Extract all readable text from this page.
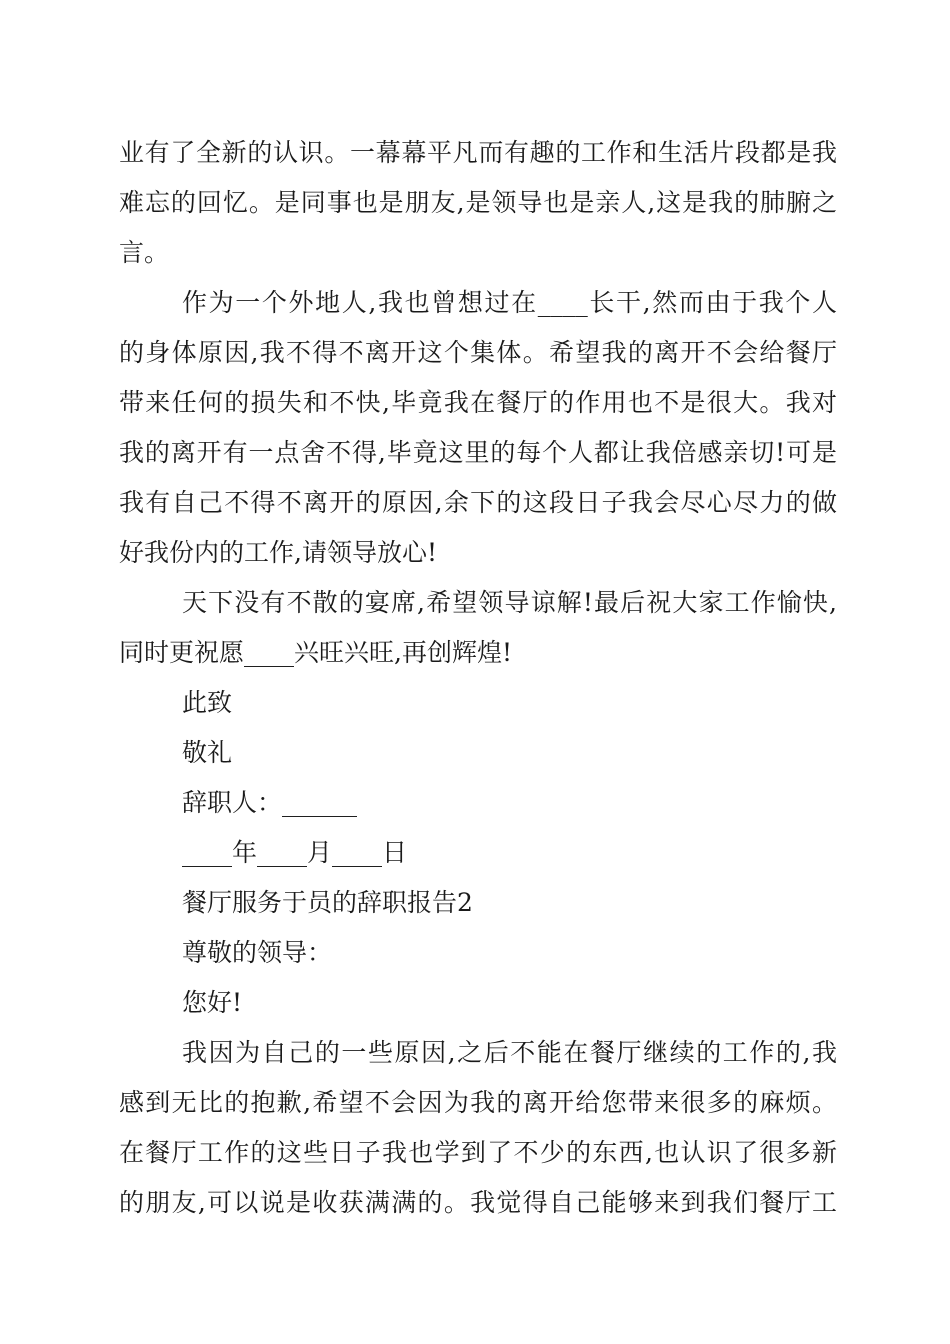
业有了全新的认识。一幕幕平凡而有趣的工作和生活片段都是我
难忘的回忆。是同事也是朋友,是领导也是亲人,这是我的肺腑之
言。
作为一个外地人,我也曾想过在____长干,然而由于我个人
的身体原因,我不得不离开这个集体。希望我的离开不会给餐厅
带来任何的损失和不快,毕竟我在餐厅的作用也不是很大。我对
我的离开有一点舍不得,毕竟这里的每个人都让我倍感亲切!可是
我有自己不得不离开的原因,余下的这段日子我会尽心尽力的做
好我份内的工作,请领导放心!
天下没有不散的宴席,希望领导谅解!最后祝大家工作愉快,
同时更祝愿____兴旺兴旺,再创辉煌!
此致
敬礼
辞职人：______
____年____月____日
餐厅服务于员的辞职报告2
尊敬的领导：
您好!
我因为自己的一些原因,之后不能在餐厅继续的工作的,我
感到无比的抱歉,希望不会因为我的离开给您带来很多的麻烦。
在餐厅工作的这些日子我也学到了不少的东西,也认识了很多新
的朋友,可以说是收获满满的。我觉得自己能够来到我们餐厅工
